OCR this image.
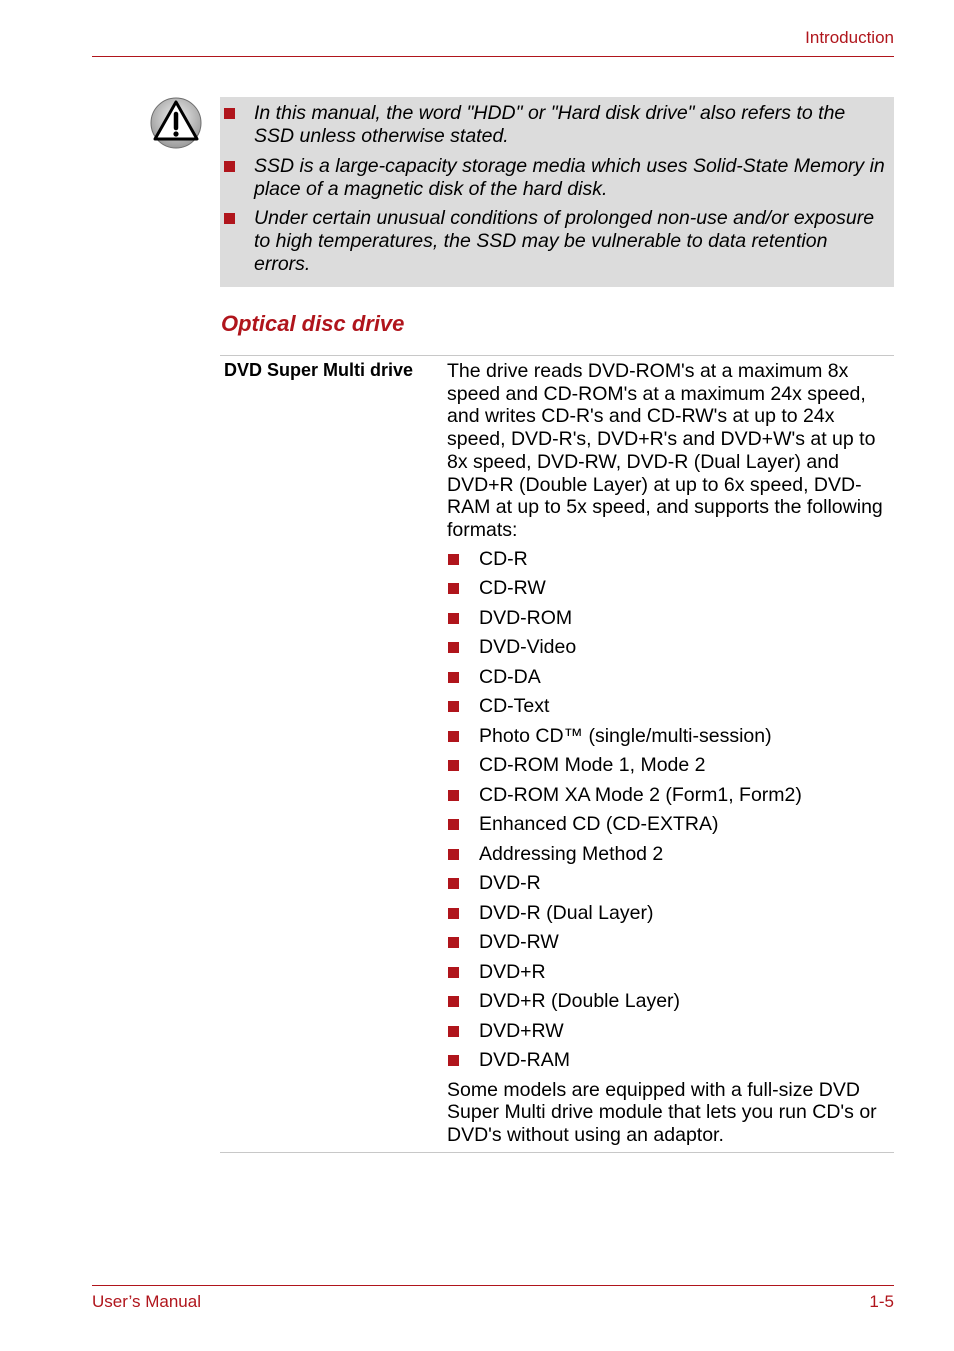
Introduction
In this manual, the word "HDD" or "Hard disk drive" also refers to the SSD unless otherwise stated.
SSD is a large-capacity storage media which uses Solid-State Memory in place of a magnetic disk of the hard disk.
Under certain unusual conditions of prolonged non-use and/or exposure to high temperatures, the SSD may be vulnerable to data retention errors.
Optical disc drive
DVD Super Multi drive The drive reads DVD-ROM's at a maximum 8x speed and CD-ROM's at a maximum 24x speed, and writes CD-R's and CD-RW's at up to 24x speed, DVD-R's, DVD+R's and DVD+W's at up to 8x speed, DVD-RW, DVD-R (Dual Layer) and DVD+R (Double Layer) at up to 6x speed, DVD-RAM at up to 5x speed, and supports the following formats:

CD-R
CD-RW
DVD-ROM
DVD-Video
CD-DA
CD-Text
Photo CD™ (single/multi-session)
CD-ROM Mode 1, Mode 2
CD-ROM XA Mode 2 (Form1, Form2)
Enhanced CD (CD-EXTRA)
Addressing Method 2
DVD-R
DVD-R (Dual Layer)
DVD-RW
DVD+R
DVD+R (Double Layer)
DVD+RW
DVD-RAM

Some models are equipped with a full-size DVD Super Multi drive module that lets you run CD's or DVD's without using an adaptor.

User’s Manual	1-5
